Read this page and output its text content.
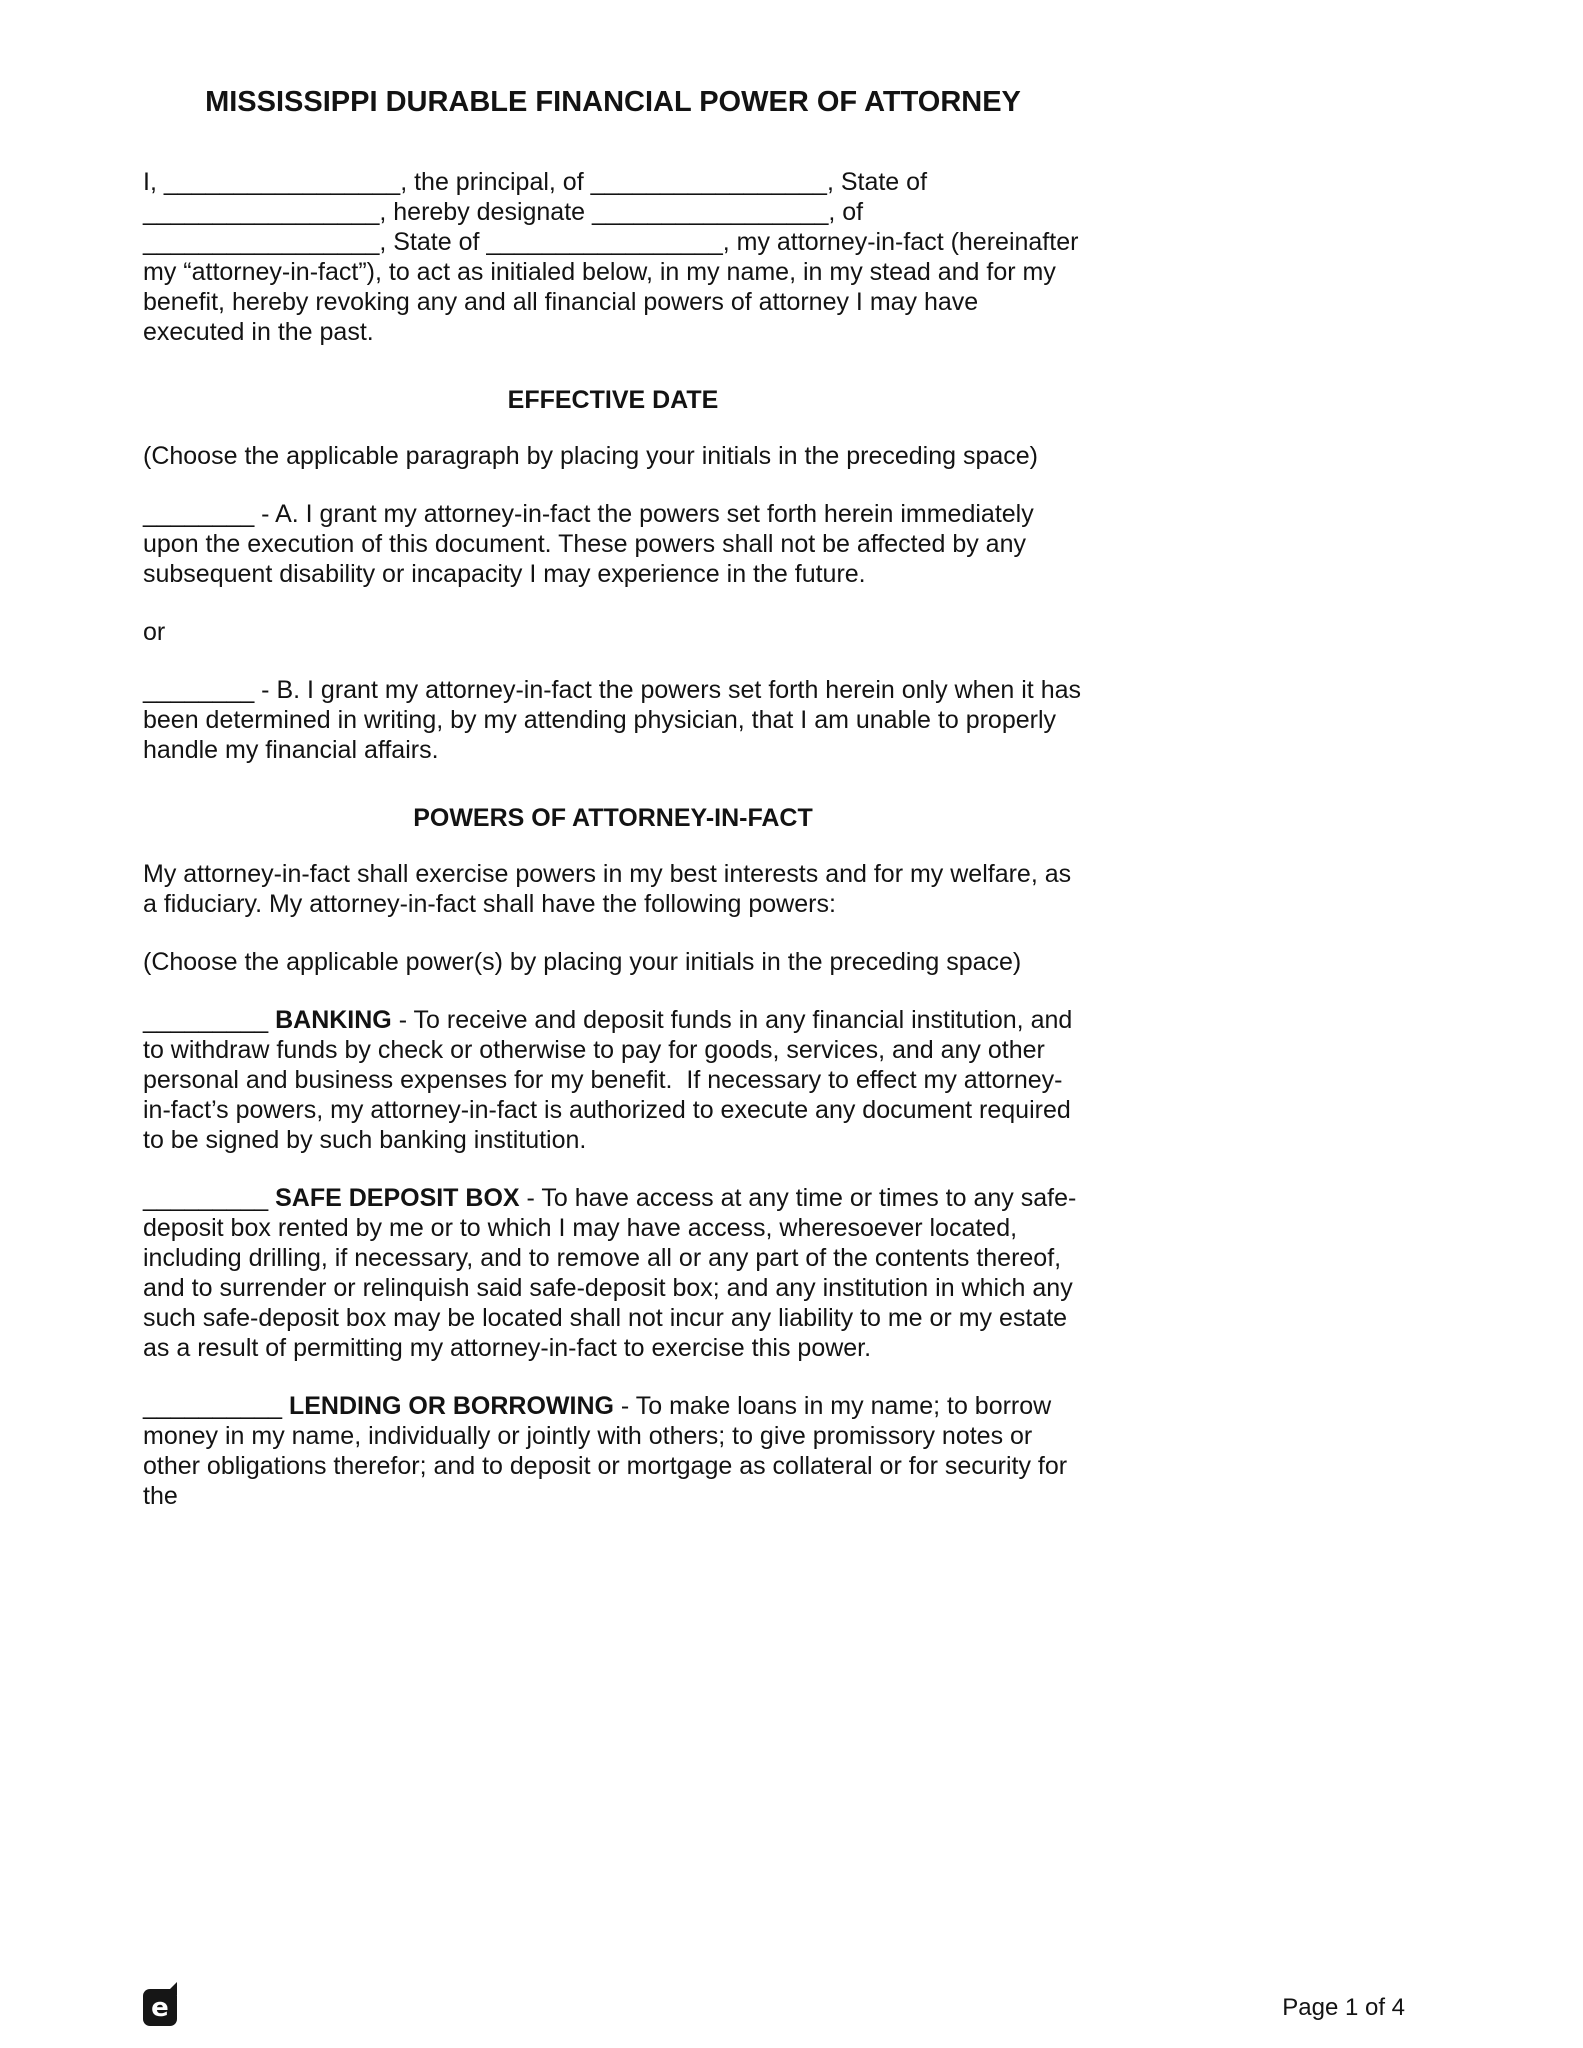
MISSISSIPPI DURABLE FINANCIAL POWER OF ATTORNEY

I, _________________, the principal, of _________________, State of _________________, hereby designate _________________, of _________________, State of _________________, my attorney-in-fact (hereinafter my “attorney-in-fact”), to act as initialed below, in my name, in my stead and for my benefit, hereby revoking any and all financial powers of attorney I may have executed in the past.

EFFECTIVE DATE

(Choose the applicable paragraph by placing your initials in the preceding space)

________ - A. I grant my attorney-in-fact the powers set forth herein immediately upon the execution of this document. These powers shall not be affected by any subsequent disability or incapacity I may experience in the future.

or

________ - B. I grant my attorney-in-fact the powers set forth herein only when it has been determined in writing, by my attending physician, that I am unable to properly handle my financial affairs.

POWERS OF ATTORNEY-IN-FACT

My attorney-in-fact shall exercise powers in my best interests and for my welfare, as a fiduciary. My attorney-in-fact shall have the following powers:

(Choose the applicable power(s) by placing your initials in the preceding space)

_________ BANKING - To receive and deposit funds in any financial institution, and to withdraw funds by check or otherwise to pay for goods, services, and any other personal and business expenses for my benefit.  If necessary to effect my attorney-in-fact’s powers, my attorney-in-fact is authorized to execute any document required to be signed by such banking institution.

_________ SAFE DEPOSIT BOX - To have access at any time or times to any safe-deposit box rented by me or to which I may have access, wheresoever located, including drilling, if necessary, and to remove all or any part of the contents thereof, and to surrender or relinquish said safe-deposit box; and any institution in which any such safe-deposit box may be located shall not incur any liability to me or my estate as a result of permitting my attorney-in-fact to exercise this power.

__________ LENDING OR BORROWING - To make loans in my name; to borrow money in my name, individually or jointly with others; to give promissory notes or other obligations therefor; and to deposit or mortgage as collateral or for security for the

e	Page 1 of 4
